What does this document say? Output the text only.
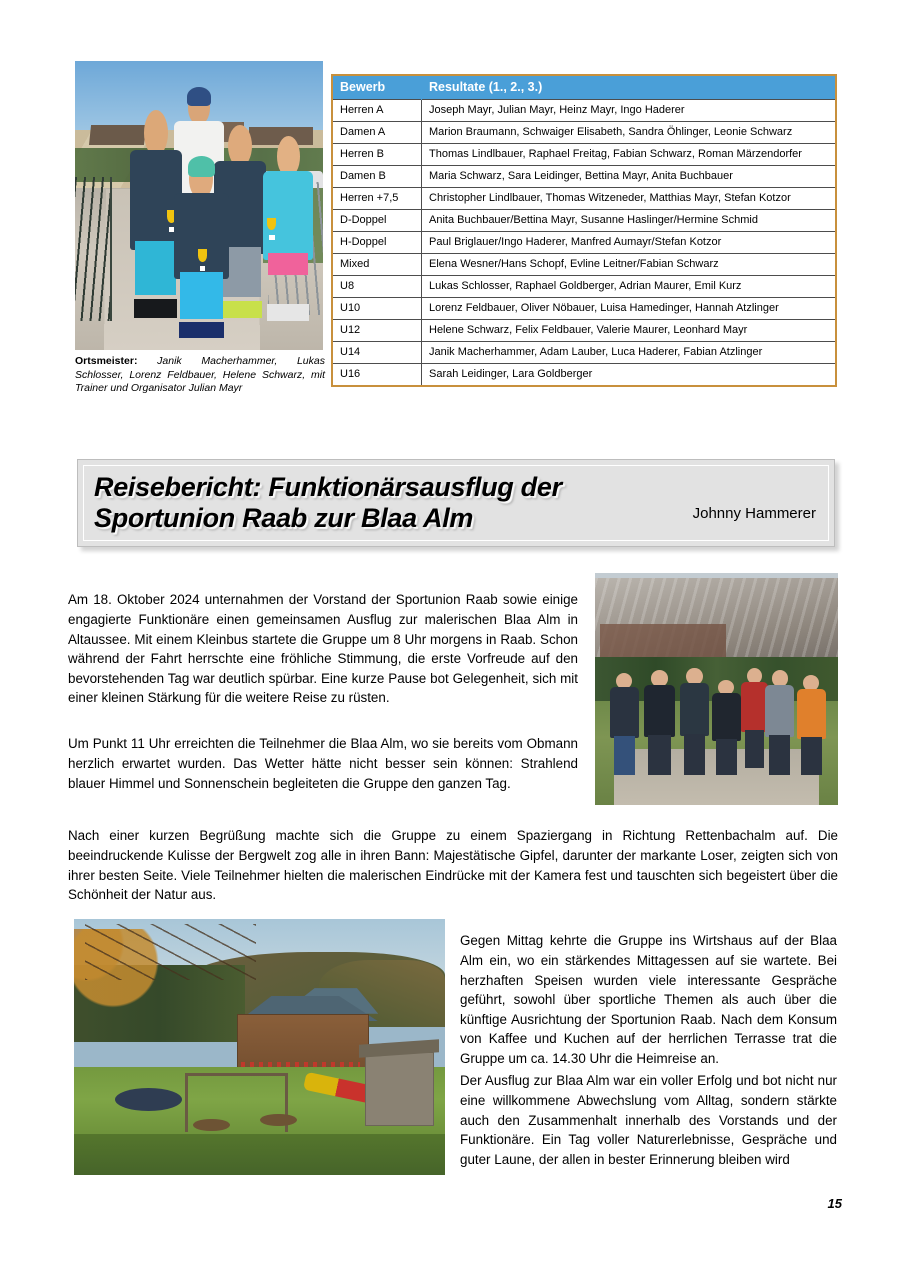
Ortsmeister: Janik Macherhammer, Lukas Schlosser, Lorenz Feldbauer, Helene Schwarz, mit Trainer und Organisator Julian Mayr
Bewerb	Resultate (1., 2., 3.)
Herren A	Joseph Mayr, Julian Mayr, Heinz Mayr, Ingo Haderer
Damen A	Marion Braumann, Schwaiger Elisabeth, Sandra Öhlinger, Leonie Schwarz
Herren B	Thomas Lindlbauer, Raphael Freitag, Fabian Schwarz, Roman Märzendorfer
Damen B	Maria Schwarz, Sara Leidinger, Bettina Mayr, Anita Buchbauer
Herren +7,5	Christopher Lindlbauer, Thomas Witzeneder, Matthias Mayr, Stefan Kotzor
D-Doppel	Anita Buchbauer/Bettina Mayr, Susanne Haslinger/Hermine Schmid
H-Doppel	Paul Briglauer/Ingo Haderer, Manfred Aumayr/Stefan Kotzor
Mixed	Elena Wesner/Hans Schopf, Evline Leitner/Fabian Schwarz
U8	Lukas Schlosser, Raphael Goldberger, Adrian Maurer, Emil Kurz
U10	Lorenz Feldbauer, Oliver Nöbauer, Luisa Hamedinger, Hannah Atzlinger
U12	Helene Schwarz, Felix Feldbauer, Valerie Maurer, Leonhard Mayr
U14	Janik Macherhammer, Adam Lauber, Luca Haderer, Fabian Atzlinger
U16	Sarah Leidinger, Lara Goldberger
Reisebericht: Funktionärsausflug der Sportunion Raab zur Blaa Alm	Johnny Hammerer

Am 18. Oktober 2024 unternahmen der Vorstand der Sportunion Raab sowie einige engagierte Funktionäre einen gemeinsamen Ausflug zur malerischen Blaa Alm in Altaussee. Mit einem Kleinbus startete die Gruppe um 8 Uhr morgens in Raab. Schon während der Fahrt herrschte eine fröhliche Stimmung, die erste Vorfreude auf den bevorstehenden Tag war deutlich spürbar. Eine kurze Pause bot Gelegenheit, sich mit einer kleinen Stärkung für die weitere Reise zu rüsten.

Um Punkt 11 Uhr erreichten die Teilnehmer die Blaa Alm, wo sie bereits vom Obmann herzlich erwartet wurden. Das Wetter hätte nicht besser sein können: Strahlend blauer Himmel und Sonnenschein begleiteten die Gruppe den ganzen Tag.

Nach einer kurzen Begrüßung machte sich die Gruppe zu einem Spaziergang in Richtung Rettenbachalm auf. Die beeindruckende Kulisse der Bergwelt zog alle in ihren Bann: Majestätische Gipfel, darunter der markante Loser, zeigten sich von ihrer besten Seite. Viele Teilnehmer hielten die malerischen Eindrücke mit der Kamera fest und tauschten sich begeistert über die Schönheit der Natur aus.

Gegen Mittag kehrte die Gruppe ins Wirtshaus auf der Blaa Alm ein, wo ein stärkendes Mittagessen auf sie wartete. Bei herzhaften Speisen wurden viele interessante Gespräche geführt, sowohl über sportliche Themen als auch über die künftige Ausrichtung der Sportunion Raab. Nach dem Konsum von Kaffee und Kuchen auf der herrlichen Terrasse trat die Gruppe um ca. 14.30 Uhr die Heimreise an.

Der Ausflug zur Blaa Alm war ein voller Erfolg und bot nicht nur eine willkommene Abwechslung vom Alltag, sondern stärkte auch den Zusammenhalt innerhalb des Vorstands und der Funktionäre. Ein Tag voller Naturerlebnisse, Gespräche und guter Laune, der allen in bester Erinnerung bleiben wird

15
